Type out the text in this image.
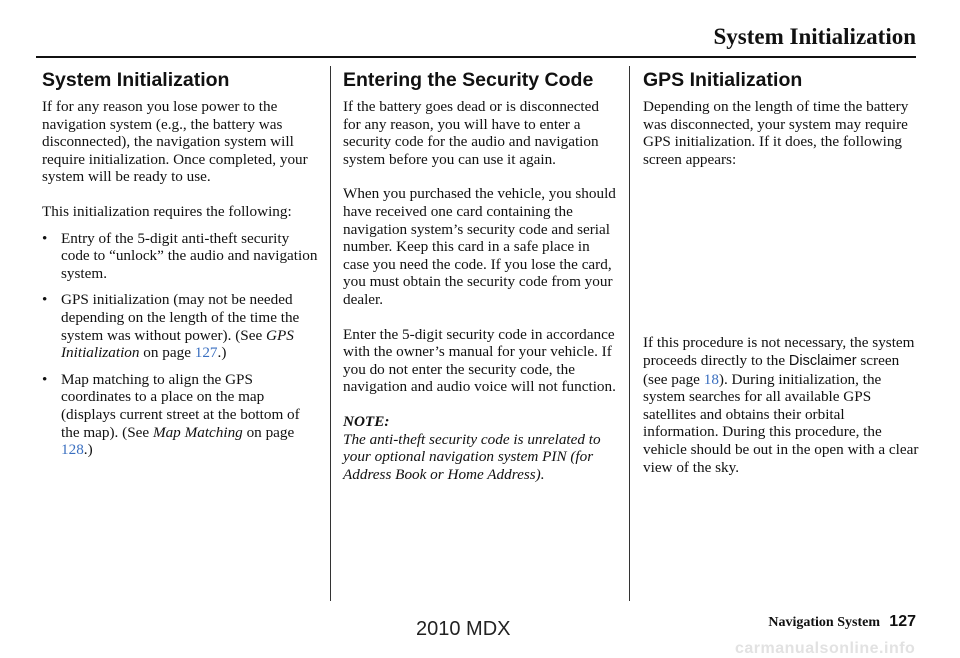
System Initialization
System Initialization

If for any reason you lose power to the navigation system (e.g., the battery was disconnected), the navigation system will require initialization. Once completed, your system will be ready to use.

This initialization requires the following:

• Entry of the 5-digit anti-theft security code to “unlock” the audio and navigation system.
• GPS initialization (may not be needed depending on the length of the time the system was without power). (See GPS Initialization on page 127.)
• Map matching to align the GPS coordinates to a place on the map (displays current street at the bottom of the map). (See Map Matching on page 128.)
Entering the Security Code

If the battery goes dead or is disconnected for any reason, you will have to enter a security code for the audio and navigation system before you can use it again.

When you purchased the vehicle, you should have received one card containing the navigation system’s security code and serial number. Keep this card in a safe place in case you need the code. If you lose the card, you must obtain the security code from your dealer.

Enter the 5-digit security code in accordance with the owner’s manual for your vehicle. If you do not enter the security code, the navigation and audio voice will not function.

NOTE:

The anti-theft security code is unrelated to your optional navigation system PIN (for Address Book or Home Address).

GPS Initialization

Depending on the length of time the battery was disconnected, your system may require GPS initialization. If it does, the following screen appears:

If this procedure is not necessary, the system proceeds directly to the Disclaimer screen (see page 18). During initialization, the system searches for all available GPS satellites and obtains their orbital information. During this procedure, the vehicle should be out in the open with a clear view of the sky.

Navigation System 127
2010 MDX
carmanualsonline.info
